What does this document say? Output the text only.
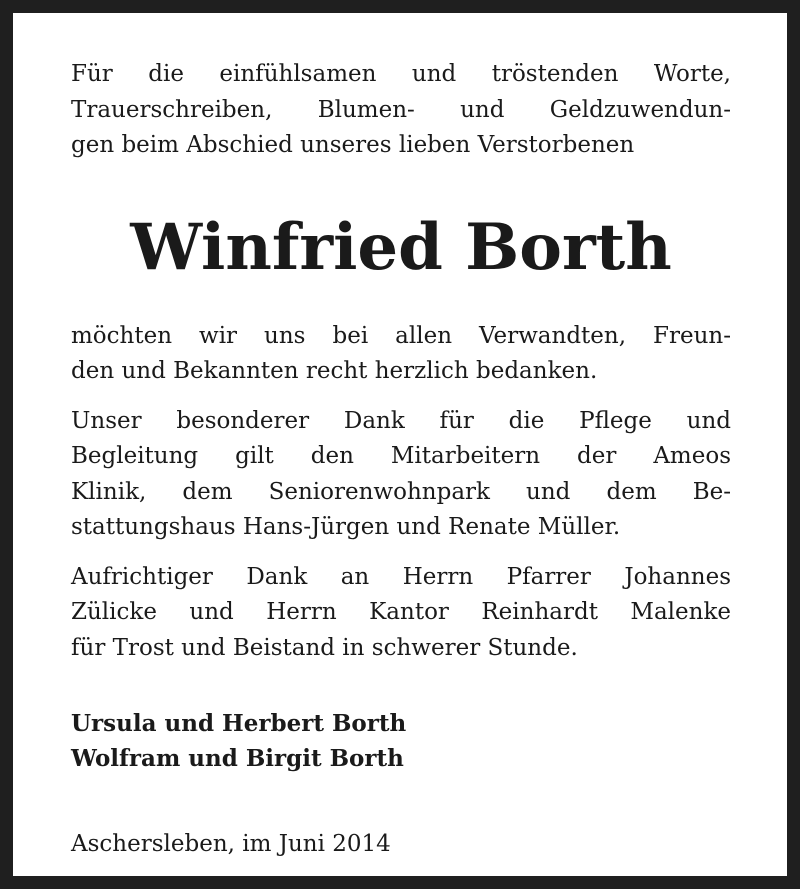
Für die einfühlsamen und tröstenden Worte,
Trauerschreiben, Blumen- und Geldzuwendun-
gen beim Abschied unseres lieben Verstorbenen

Winfried Borth

möchten wir uns bei allen Verwandten, Freun-
den und Bekannten recht herzlich bedanken.

Unser besonderer Dank für die Pflege und
Begleitung gilt den Mitarbeitern der Ameos
Klinik, dem Seniorenwohnpark und dem Be-
stattungshaus Hans-Jürgen und Renate Müller.

Aufrichtiger Dank an Herrn Pfarrer Johannes
Zülicke und Herrn Kantor Reinhardt Malenke
für Trost und Beistand in schwerer Stunde.

Ursula und Herbert Borth
Wolfram und Birgit Borth
Aschersleben, im Juni 2014
